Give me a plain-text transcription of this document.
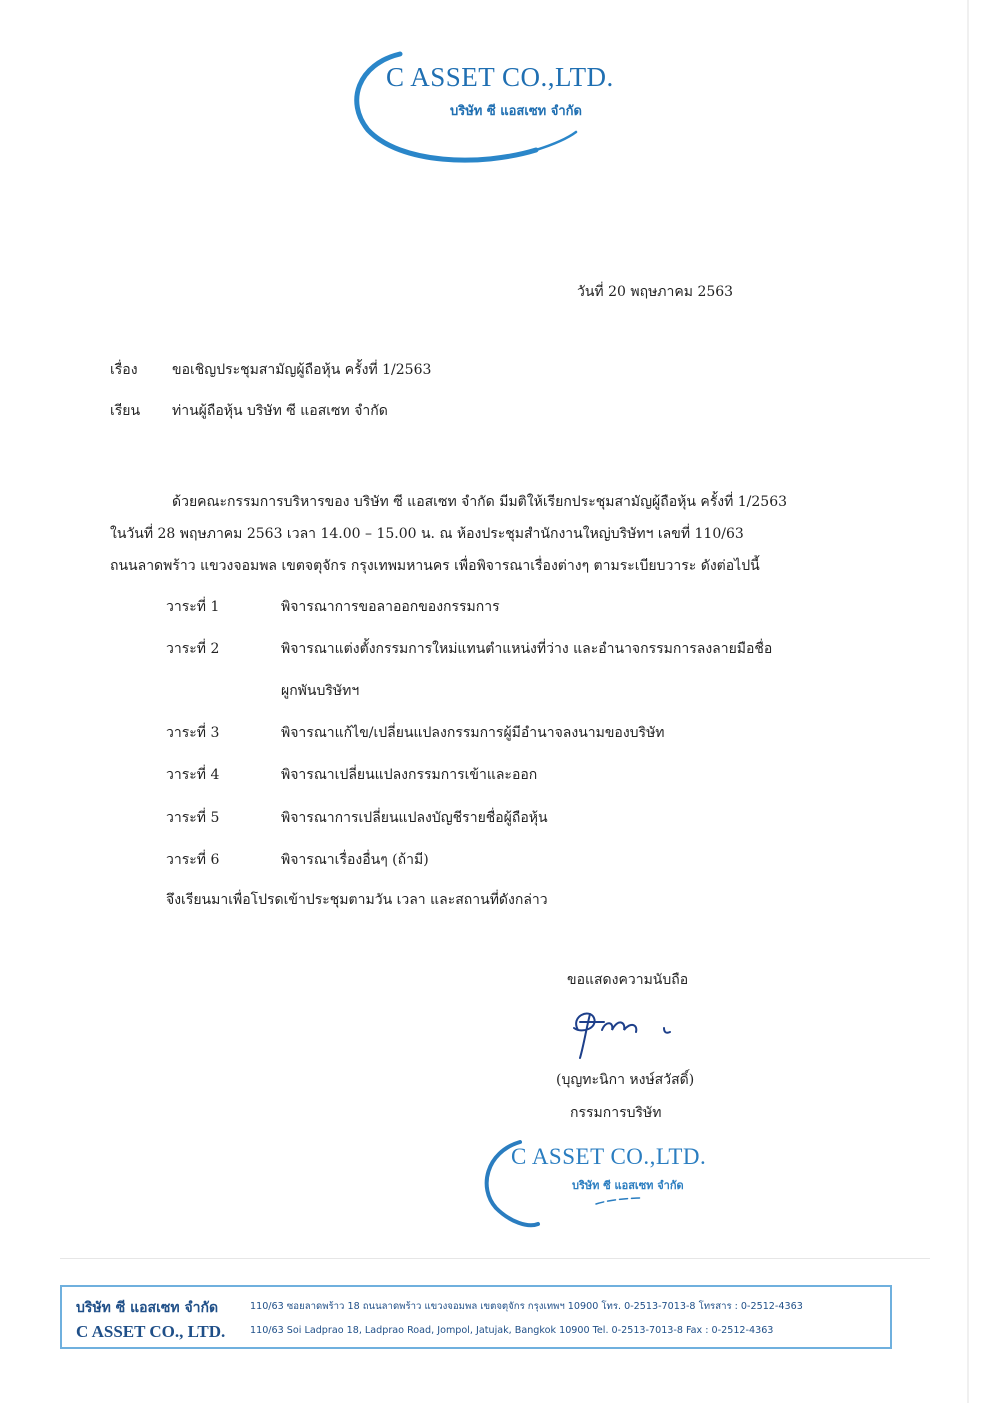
C ASSET CO.,LTD.
บริษัท ซี แอสเซท จำกัด
วันที่ 20 พฤษภาคม 2563
เรื่อง ขอเชิญประชุมสามัญผู้ถือหุ้น ครั้งที่ 1/2563
เรียน ท่านผู้ถือหุ้น บริษัท ซี แอสเซท จำกัด
ด้วยคณะกรรมการบริหารของ บริษัท ซี แอสเซท จำกัด มีมติให้เรียกประชุมสามัญผู้ถือหุ้น ครั้งที่ 1/2563
ในวันที่ 28 พฤษภาคม 2563 เวลา 14.00 – 15.00 น. ณ ห้องประชุมสำนักงานใหญ่บริษัทฯ เลขที่ 110/63
ถนนลาดพร้าว แขวงจอมพล เขตจตุจักร กรุงเทพมหานคร เพื่อพิจารณาเรื่องต่างๆ ตามระเบียบวาระ ดังต่อไปนี้
วาระที่ 1	พิจารณาการขอลาออกของกรรมการ
วาระที่ 2	พิจารณาแต่งตั้งกรรมการใหม่แทนตำแหน่งที่ว่าง และอำนาจกรรมการลงลายมือชื่อ
ผูกพันบริษัทฯ
วาระที่ 3	พิจารณาแก้ไข/เปลี่ยนแปลงกรรมการผู้มีอำนาจลงนามของบริษัท
วาระที่ 4	พิจารณาเปลี่ยนแปลงกรรมการเข้าและออก
วาระที่ 5	พิจารณาการเปลี่ยนแปลงบัญชีรายชื่อผู้ถือหุ้น
วาระที่ 6	พิจารณาเรื่องอื่นๆ (ถ้ามี)
จึงเรียนมาเพื่อโปรดเข้าประชุมตามวัน เวลา และสถานที่ดังกล่าว
ขอแสดงความนับถือ
(บุญทะนิกา หงษ์สวัสดิ์)
กรรมการบริษัท
C ASSET CO.,LTD.
บริษัท ซี แอสเซท จำกัด
บริษัท ซี แอสเซท จำกัด	110/63 ซอยลาดพร้าว 18 ถนนลาดพร้าว แขวงจอมพล เขตจตุจักร กรุงเทพฯ 10900 โทร. 0-2513-7013-8 โทรสาร : 0-2512-4363
C ASSET CO., LTD.	110/63 Soi Ladprao 18, Ladprao Road, Jompol, Jatujak, Bangkok 10900 Tel. 0-2513-7013-8 Fax : 0-2512-4363
